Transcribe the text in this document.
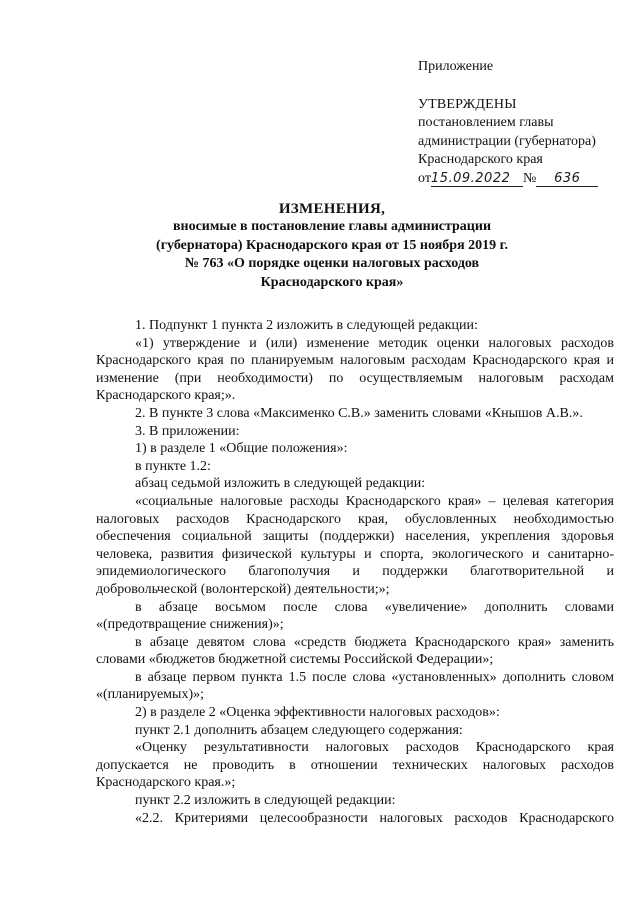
Приложение
УТВЕРЖДЕНЫ
постановлением главы
администрации (губернатора)
Краснодарского края
от15.09.2022 № 636
ИЗМЕНЕНИЯ,
вносимые в постановление главы администрации
(губернатора) Краснодарского края от 15 ноября 2019 г.
№ 763 «О порядке оценки налоговых расходов
Краснодарского края»

1. Подпункт 1 пункта 2 изложить в следующей редакции:

«1) утверждение и (или) изменение методик оценки налоговых расходов Краснодарского края по планируемым налоговым расходам Краснодарского края и изменение (при необходимости) по осуществляемым налоговым расходам Краснодарского края;».

2. В пункте 3 слова «Максименко С.В.» заменить словами «Кнышов А.В.».

3. В приложении:

1) в разделе 1 «Общие положения»:

в пункте 1.2:

абзац седьмой изложить в следующей редакции:

«социальные налоговые расходы Краснодарского края» – целевая категория налоговых расходов Краснодарского края, обусловленных необходимостью обеспечения социальной защиты (поддержки) населения, укрепления здоровья человека, развития физической культуры и спорта, экологического и санитарно-эпидемиологического благополучия и поддержки благотворительной и добровольческой (волонтерской) деятельности;»;

в абзаце восьмом после слова «увеличение» дополнить словами «(предотвращение снижения)»;

в абзаце девятом слова «средств бюджета Краснодарского края» заменить словами «бюджетов бюджетной системы Российской Федерации»;

в абзаце первом пункта 1.5 после слова «установленных» дополнить словом «(планируемых)»;

2) в разделе 2 «Оценка эффективности налоговых расходов»:

пункт 2.1 дополнить абзацем следующего содержания:

«Оценку результативности налоговых расходов Краснодарского края допускается не проводить в отношении технических налоговых расходов Краснодарского края.»;

пункт 2.2 изложить в следующей редакции:

«2.2. Критериями целесообразности налоговых расходов Краснодарского
